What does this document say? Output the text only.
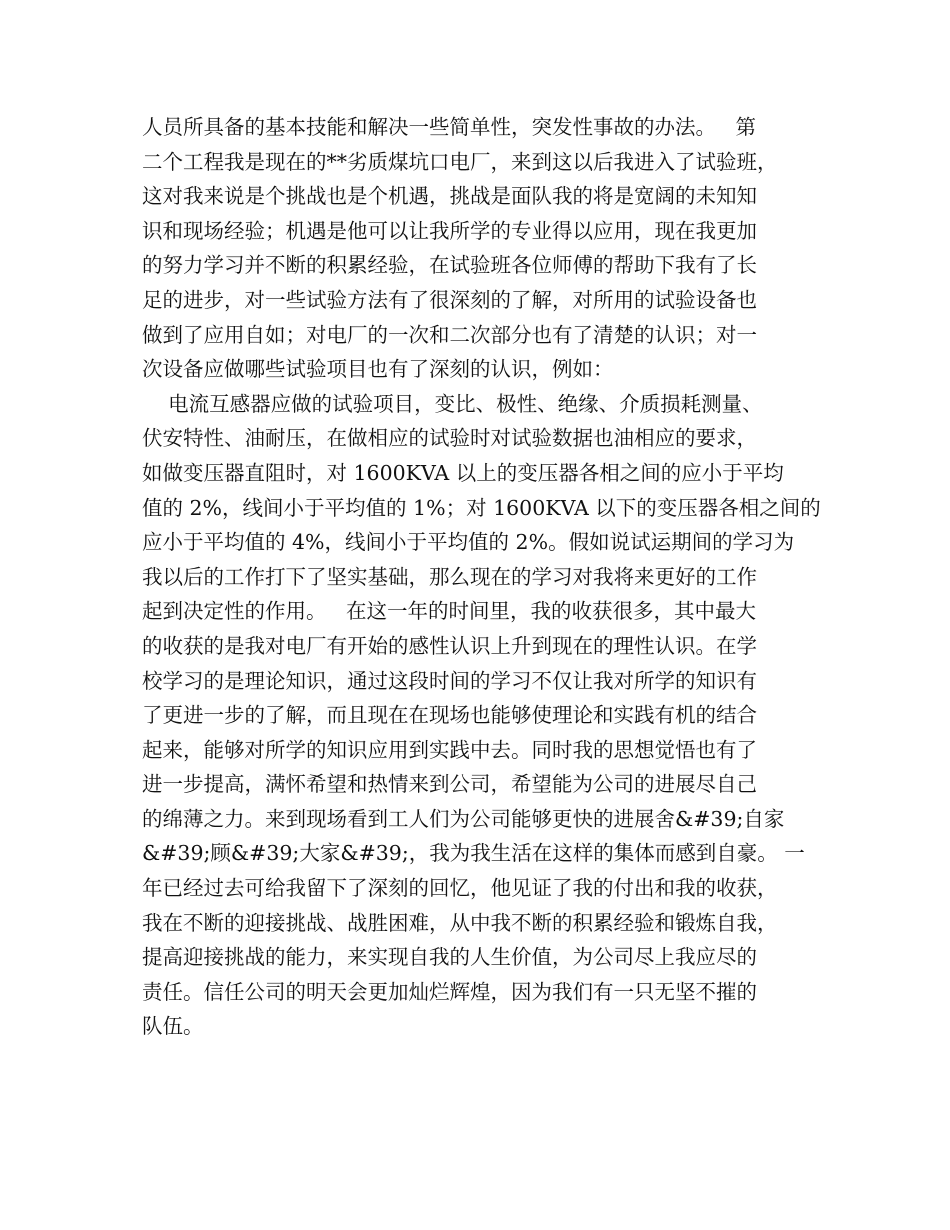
人员所具备的基本技能和解决一些简单性，突发性事故的办法。   第
二个工程我是现在的**劣质煤坑口电厂，来到这以后我进入了试验班，
这对我来说是个挑战也是个机遇，挑战是面队我的将是宽阔的未知知
识和现场经验；机遇是他可以让我所学的专业得以应用，现在我更加
的努力学习并不断的积累经验，在试验班各位师傅的帮助下我有了长
足的进步，对一些试验方法有了很深刻的了解，对所用的试验设备也
做到了应用自如；对电厂的一次和二次部分也有了清楚的认识；对一
次设备应做哪些试验项目也有了深刻的认识，例如：
电流互感器应做的试验项目，变比、极性、绝缘、介质损耗测量、
伏安特性、油耐压，在做相应的试验时对试验数据也油相应的要求，
如做变压器直阻时，对 1600KVA 以上的变压器各相之间的应小于平均
值的 2%，线间小于平均值的 1%；对 1600KVA 以下的变压器各相之间的
应小于平均值的 4%，线间小于平均值的 2%。假如说试运期间的学习为
我以后的工作打下了坚实基础，那么现在的学习对我将来更好的工作
起到决定性的作用。   在这一年的时间里，我的收获很多，其中最大
的收获的是我对电厂有开始的感性认识上升到现在的理性认识。在学
校学习的是理论知识，通过这段时间的学习不仅让我对所学的知识有
了更进一步的了解，而且现在在现场也能够使理论和实践有机的结合
起来，能够对所学的知识应用到实践中去。同时我的思想觉悟也有了
进一步提高，满怀希望和热情来到公司，希望能为公司的进展尽自己
的绵薄之力。来到现场看到工人们为公司能够更快的进展舍&#39;自家
&#39;顾&#39;大家&#39;，我为我生活在这样的集体而感到自豪。 一
年已经过去可给我留下了深刻的回忆，他见证了我的付出和我的收获，
我在不断的迎接挑战、战胜困难，从中我不断的积累经验和锻炼自我，
提高迎接挑战的能力，来实现自我的人生价值，为公司尽上我应尽的
责任。信任公司的明天会更加灿烂辉煌，因为我们有一只无坚不摧的
队伍。
